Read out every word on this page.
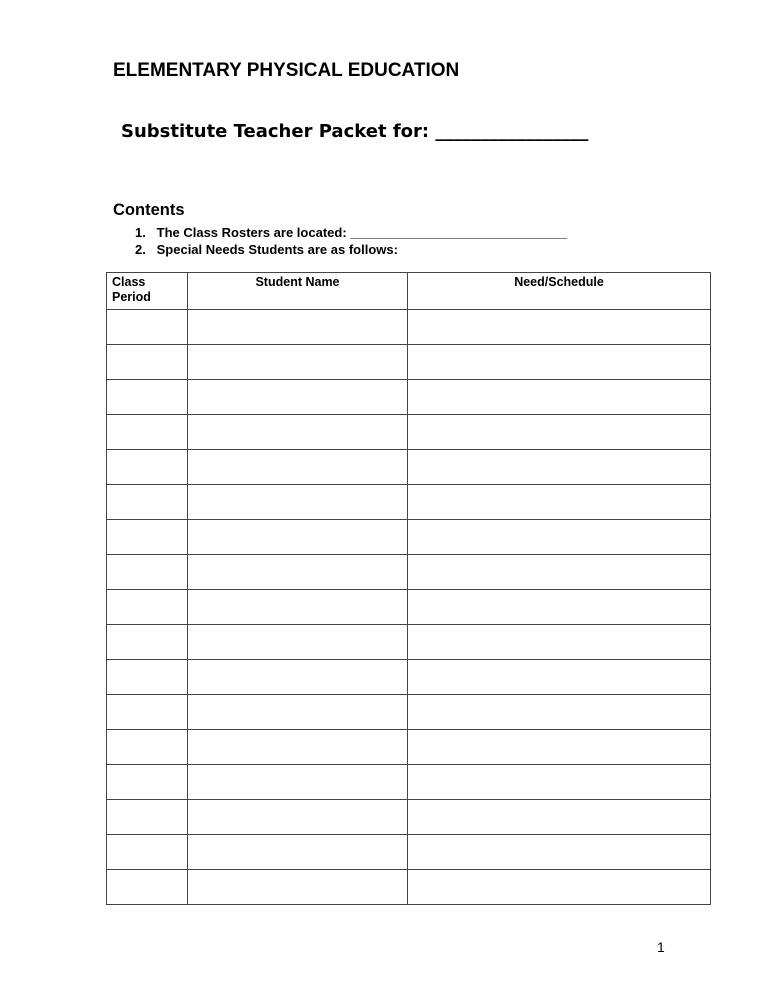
ELEMENTARY PHYSICAL EDUCATION
Substitute Teacher Packet for: _________________
Contents
1. The Class Rosters are located: ______________________________
2. Special Needs Students are as follows:
Class Period	Student Name	Need/Schedule

1
